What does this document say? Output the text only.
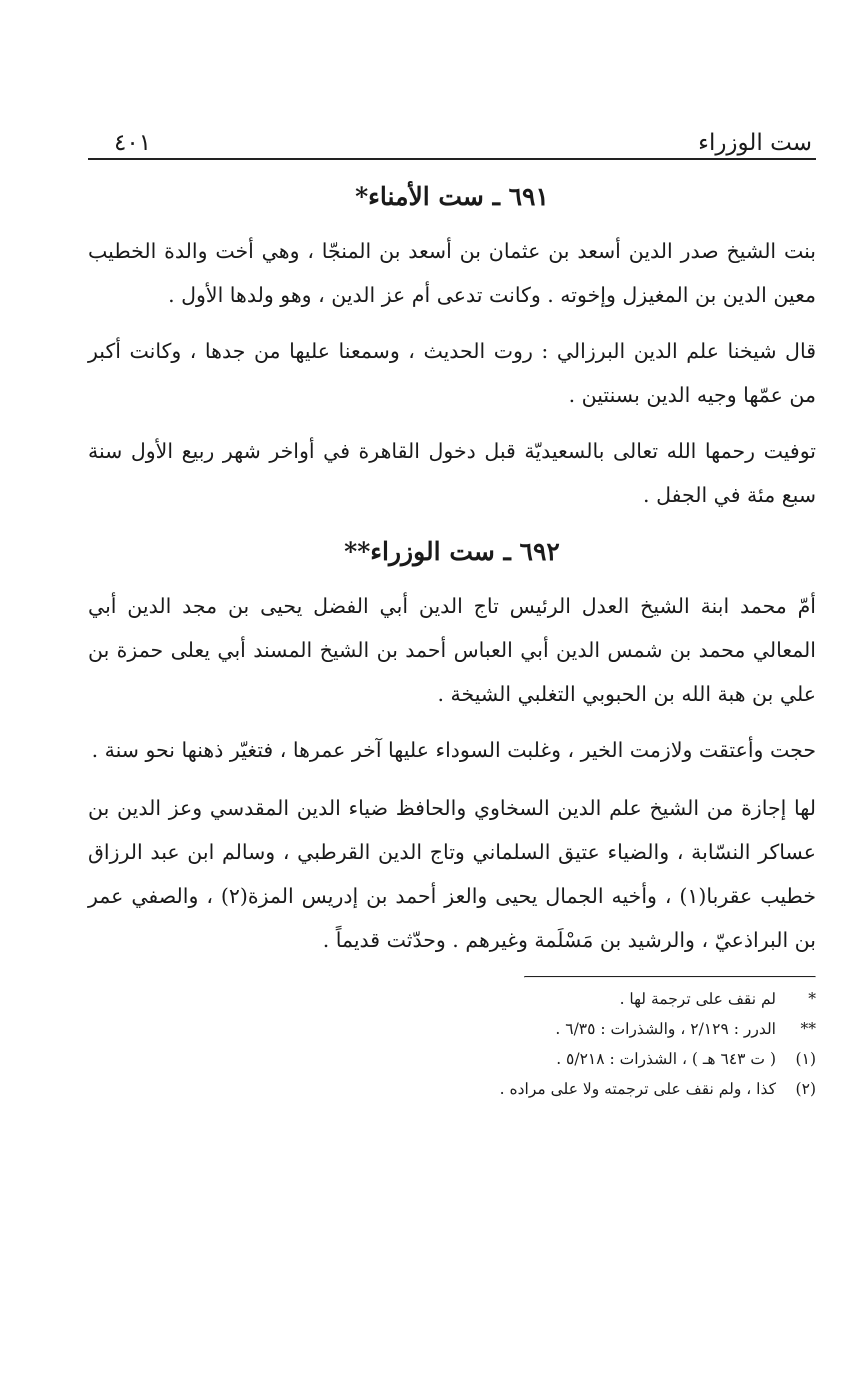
ست الوزراء
٤٠١
٦٩١ ـ ست الأمناء*

بنت الشيخ صدر الدين أسعد بن عثمان بن أسعد بن المنجّا ، وهي أخت والدة الخطيب معين الدين بن المغيزل وإخوته . وكانت تدعى أم عز الدين ، وهو ولدها الأول .

قال شيخنا علم الدين البرزالي : روت الحديث ، وسمعنا عليها من جدها ، وكانت أكبر من عمّها وجيه الدين بسنتين .

توفيت رحمها الله تعالى بالسعيديّة قبل دخول القاهرة في أواخر شهر ربيع الأول سنة سبع مئة في الجفل .

٦٩٢ ـ ست الوزراء**

أمّ محمد ابنة الشيخ العدل الرئيس تاج الدين أبي الفضل يحيى بن مجد الدين أبي المعالي محمد بن شمس الدين أبي العباس أحمد بن الشيخ المسند أبي يعلى حمزة بن علي بن هبة الله بن الحبوبي التغلبي الشيخة .

حجت وأعتقت ولازمت الخير ، وغلبت السوداء عليها آخر عمرها ، فتغيّر ذهنها نحو سنة .

لها إجازة من الشيخ علم الدين السخاوي والحافظ ضياء الدين المقدسي وعز الدين بن عساكر النسّابة ، والضياء عتيق السلماني وتاج الدين القرطبي ، وسالم ابن عبد الرزاق خطيب عقربا(١) ، وأخيه الجمال يحيى والعز أحمد بن إدريس المزة(٢) ، والصفي عمر بن البراذعيّ ، والرشيد بن مَسْلَمة وغيرهم . وحدّثت قديماً .

*
لم نقف على ترجمة لها .
**
الدرر : ٢/١٢٩ ، والشذرات : ٦/٣٥ .
(١)
( ت ٦٤٣ هـ ) ، الشذرات : ٥/٢١٨ .
(٢)
كذا ، ولم نقف على ترجمته ولا على مراده .
